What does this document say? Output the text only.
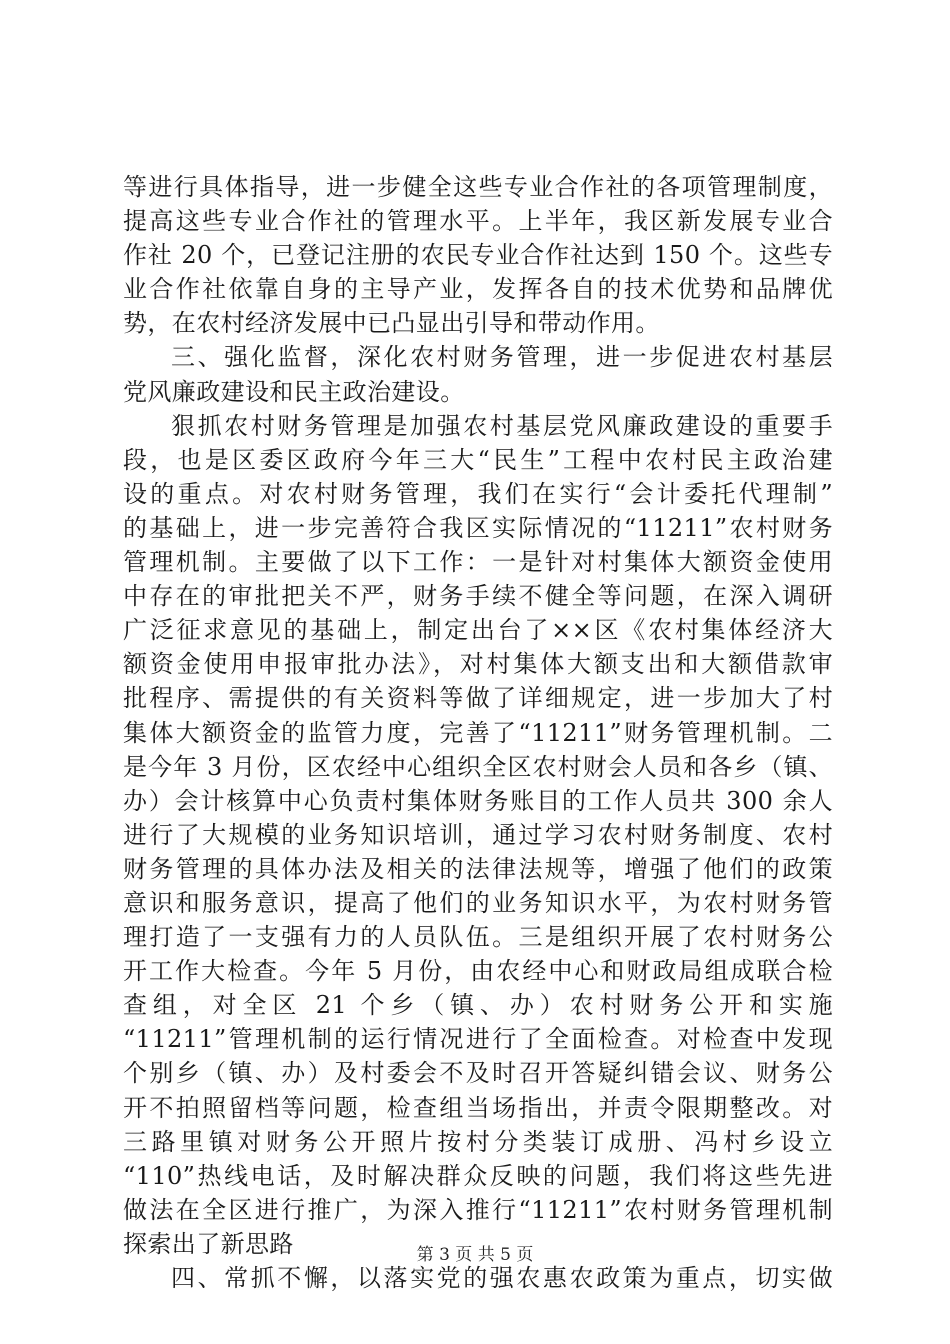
等进行具体指导，进一步健全这些专业合作社的各项管理制度，
提高这些专业合作社的管理水平。上半年，我区新发展专业合
作社 20 个，已登记注册的农民专业合作社达到 150 个。这些专
业合作社依靠自身的主导产业，发挥各自的技术优势和品牌优
势，在农村经济发展中已凸显出引导和带动作用。
三、强化监督，深化农村财务管理，进一步促进农村基层
党风廉政建设和民主政治建设。
狠抓农村财务管理是加强农村基层党风廉政建设的重要手
段，也是区委区政府今年三大“民生”工程中农村民主政治建
设的重点。对农村财务管理，我们在实行“会计委托代理制”
的基础上，进一步完善符合我区实际情况的“11211”农村财务
管理机制。主要做了以下工作：一是针对村集体大额资金使用
中存在的审批把关不严，财务手续不健全等问题，在深入调研
广泛征求意见的基础上，制定出台了××区《农村集体经济大
额资金使用申报审批办法》，对村集体大额支出和大额借款审
批程序、需提供的有关资料等做了详细规定，进一步加大了村
集体大额资金的监管力度，完善了“11211”财务管理机制。二
是今年 3 月份，区农经中心组织全区农村财会人员和各乡（镇、
办）会计核算中心负责村集体财务账目的工作人员共 300 余人
进行了大规模的业务知识培训，通过学习农村财务制度、农村
财务管理的具体办法及相关的法律法规等，增强了他们的政策
意识和服务意识，提高了他们的业务知识水平，为农村财务管
理打造了一支强有力的人员队伍。三是组织开展了农村财务公
开工作大检查。今年 5 月份，由农经中心和财政局组成联合检
查组，对全区 21 个乡（镇、办）农村财务公开和实施
“11211”管理机制的运行情况进行了全面检查。对检查中发现
个别乡（镇、办）及村委会不及时召开答疑纠错会议、财务公
开不拍照留档等问题，检查组当场指出，并责令限期整改。对
三路里镇对财务公开照片按村分类装订成册、冯村乡设立
“110”热线电话，及时解决群众反映的问题，我们将这些先进
做法在全区进行推广，为深入推行“11211”农村财务管理机制
探索出了新思路
四、常抓不懈，以落实党的强农惠农政策为重点，切实做
第 3 页 共 5 页
